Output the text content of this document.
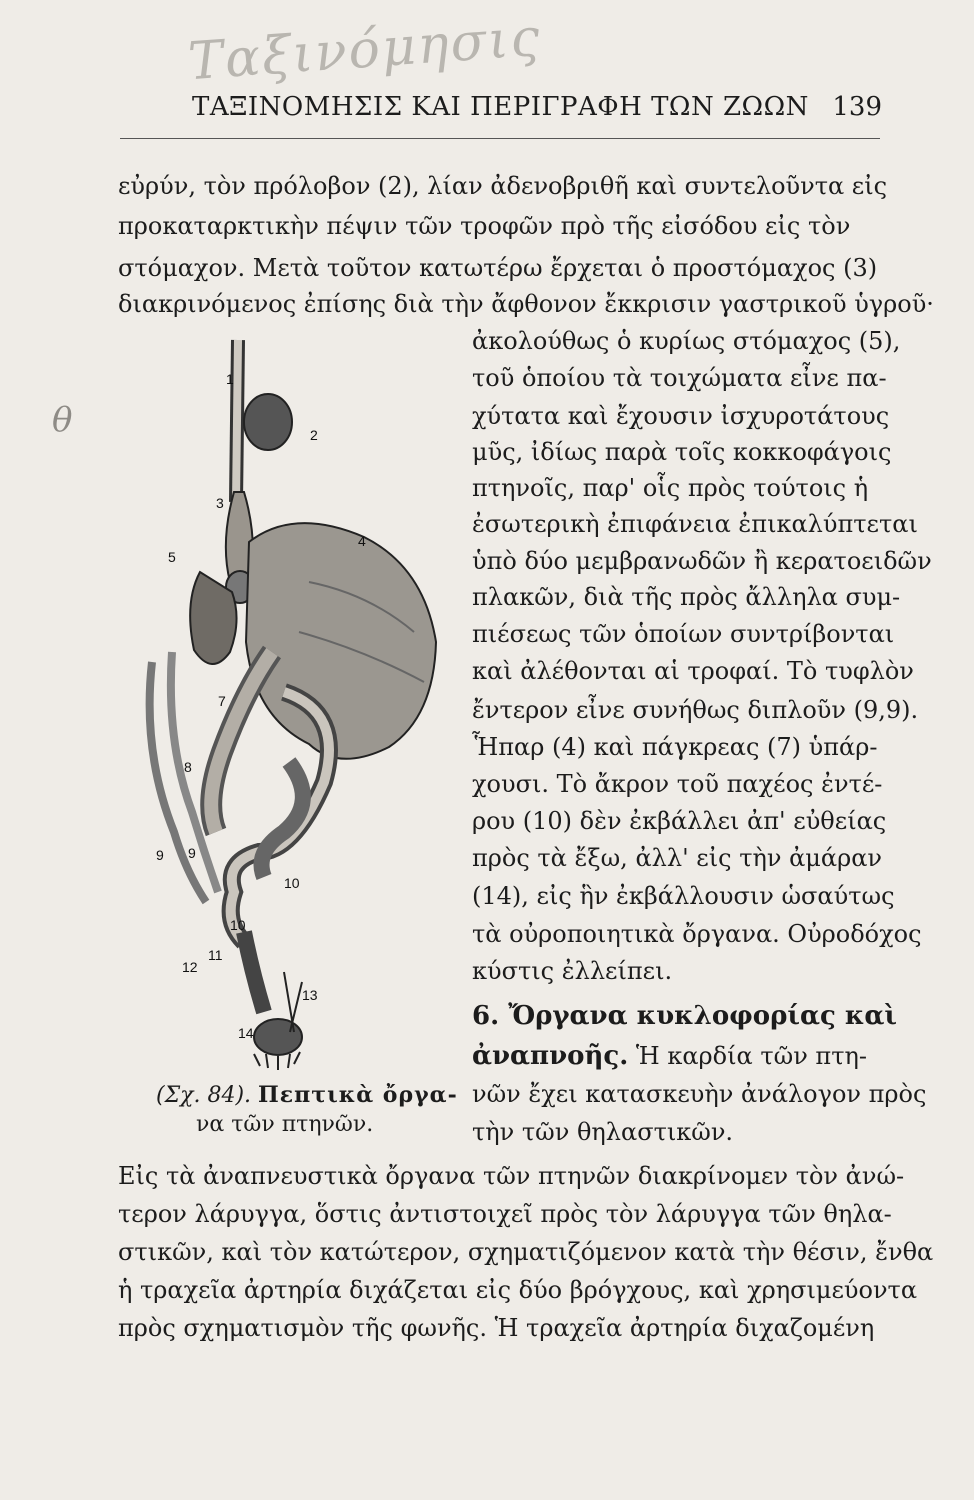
Ταξινόμησις
θ
ΤΑΞΙΝΟΜΗΣΙΣ ΚΑΙ ΠΕΡΙΓΡΑΦΗ ΤΩΝ ΖΩΩΝ 139
εὐρύν, τὸν πρόλοβον (2), λίαν ἀδενοβριθῆ καὶ συντελοῦντα εἰς
προκαταρκτικὴν πέψιν τῶν τροφῶν πρὸ τῆς εἰσόδου εἰς τὸν
στόμαχον. Μετὰ τοῦτον κατωτέρω ἔρχεται ὁ προστόμαχος (3)
διακρινόμενος ἐπίσης διὰ τὴν ἄφθονον ἔκκρισιν γαστρικοῦ ὑγροῦ·
ἀκολούθως ὁ κυρίως στόμαχος (5),
τοῦ ὁποίου τὰ τοιχώματα εἶνε πα-
χύτατα καὶ ἔχουσιν ἰσχυροτάτους
μῦς, ἰδίως παρὰ τοῖς κοκκοφάγοις
πτηνοῖς, παρ' οἷς πρὸς τούτοις ἡ
ἐσωτερικὴ ἐπιφάνεια ἐπικαλύπτεται
ὑπὸ δύο μεμβρανωδῶν ἢ κερατοειδῶν
πλακῶν, διὰ τῆς πρὸς ἄλληλα συμ-
πιέσεως τῶν ὁποίων συντρίβονται
καὶ ἀλέθονται αἱ τροφαί. Τὸ τυφλὸν
ἔντερον εἶνε συνήθως διπλοῦν (9,9).
Ἧπαρ (4) καὶ πάγκρεας (7) ὑπάρ-
χουσι. Τὸ ἄκρον τοῦ παχέος ἐντέ-
ρου (10) δὲν ἐκβάλλει ἀπ' εὐθείας
πρὸς τὰ ἔξω, ἀλλ' εἰς τὴν ἀμάραν
(14), εἰς ἣν ἐκβάλλουσιν ὡσαύτως
τὰ οὐροποιητικὰ ὄργανα. Οὐροδόχος
κύστις ἐλλείπει.
6. Ὄργανα κυκλοφορίας καὶ
ἀναπνοῆς. Ἡ καρδία τῶν πτη-
νῶν ἔχει κατασκευὴν ἀνάλογον πρὸς
τὴν τῶν θηλαστικῶν.
(Σχ. 84). Πεπτικὰ ὄργα-
να τῶν πτηνῶν.
Εἰς τὰ ἀναπνευστικὰ ὄργανα τῶν πτηνῶν διακρίνομεν τὸν ἀνώ-
τερον λάρυγγα, ὅστις ἀντιστοιχεῖ πρὸς τὸν λάρυγγα τῶν θηλα-
στικῶν, καὶ τὸν κατώτερον, σχηματιζόμενον κατὰ τὴν θέσιν, ἔνθα
ἡ τραχεῖα ἀρτηρία διχάζεται εἰς δύο βρόγχους, καὶ χρησιμεύοντα
πρὸς σχηματισμὸν τῆς φωνῆς. Ἡ τραχεῖα ἀρτηρία διχαζομένη
1
2
3
4
5
7
8
9 9
10
10
11
12
13
14
